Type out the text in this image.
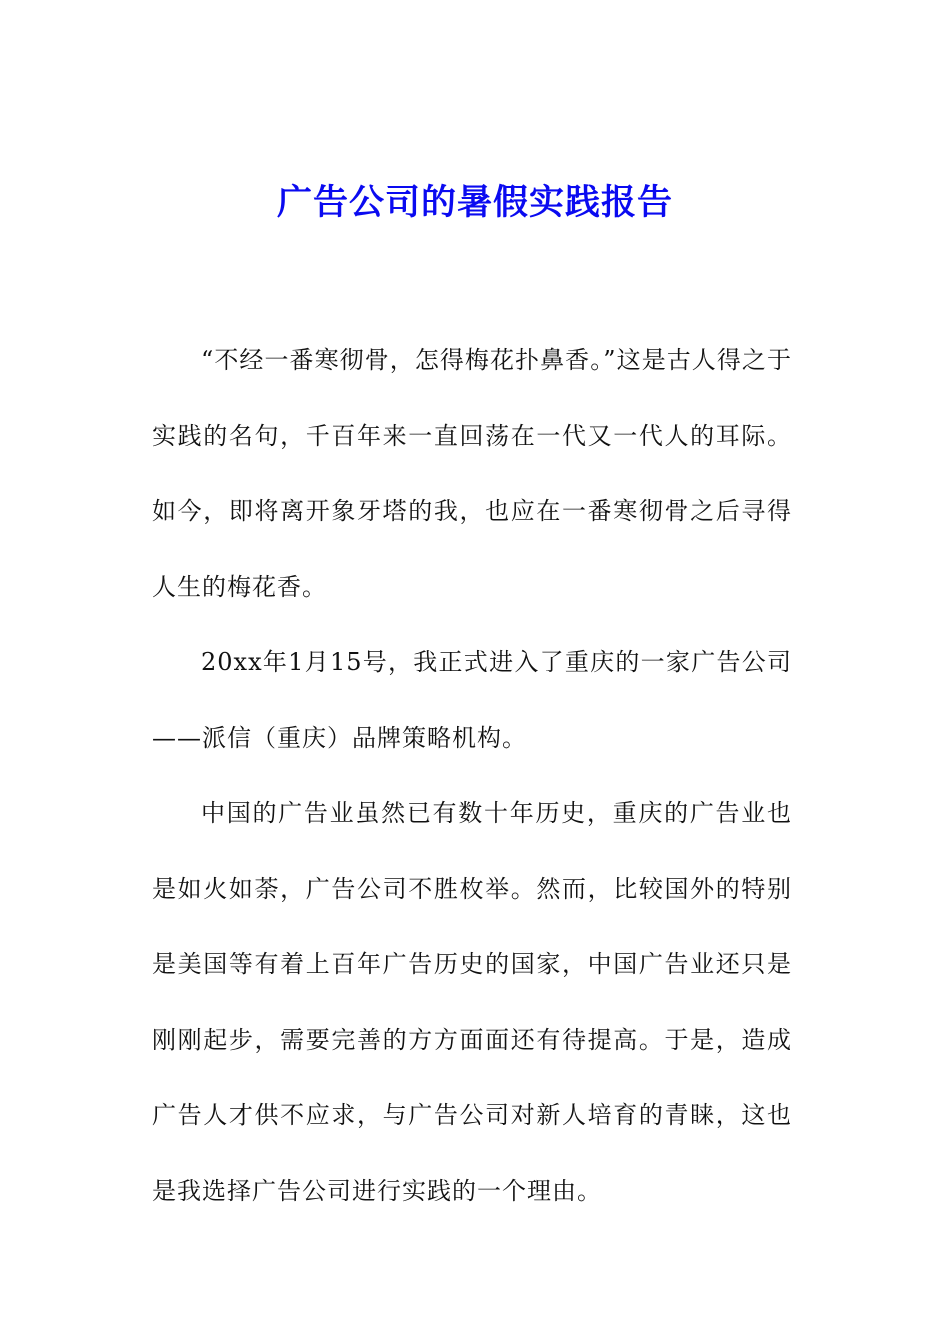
广告公司的暑假实践报告

“不经一番寒彻骨，怎得梅花扑鼻香。”这是古人得之于实践的名句，千百年来一直回荡在一代又一代人的耳际。如今，即将离开象牙塔的我，也应在一番寒彻骨之后寻得人生的梅花香。

20xx年1月15号，我正式进入了重庆的一家广告公司——派信（重庆）品牌策略机构。

中国的广告业虽然已有数十年历史，重庆的广告业也是如火如荼，广告公司不胜枚举。然而，比较国外的特别是美国等有着上百年广告历史的国家，中国广告业还只是刚刚起步，需要完善的方方面面还有待提高。于是，造成广告人才供不应求，与广告公司对新人培育的青睐，这也是我选择广告公司进行实践的一个理由。
